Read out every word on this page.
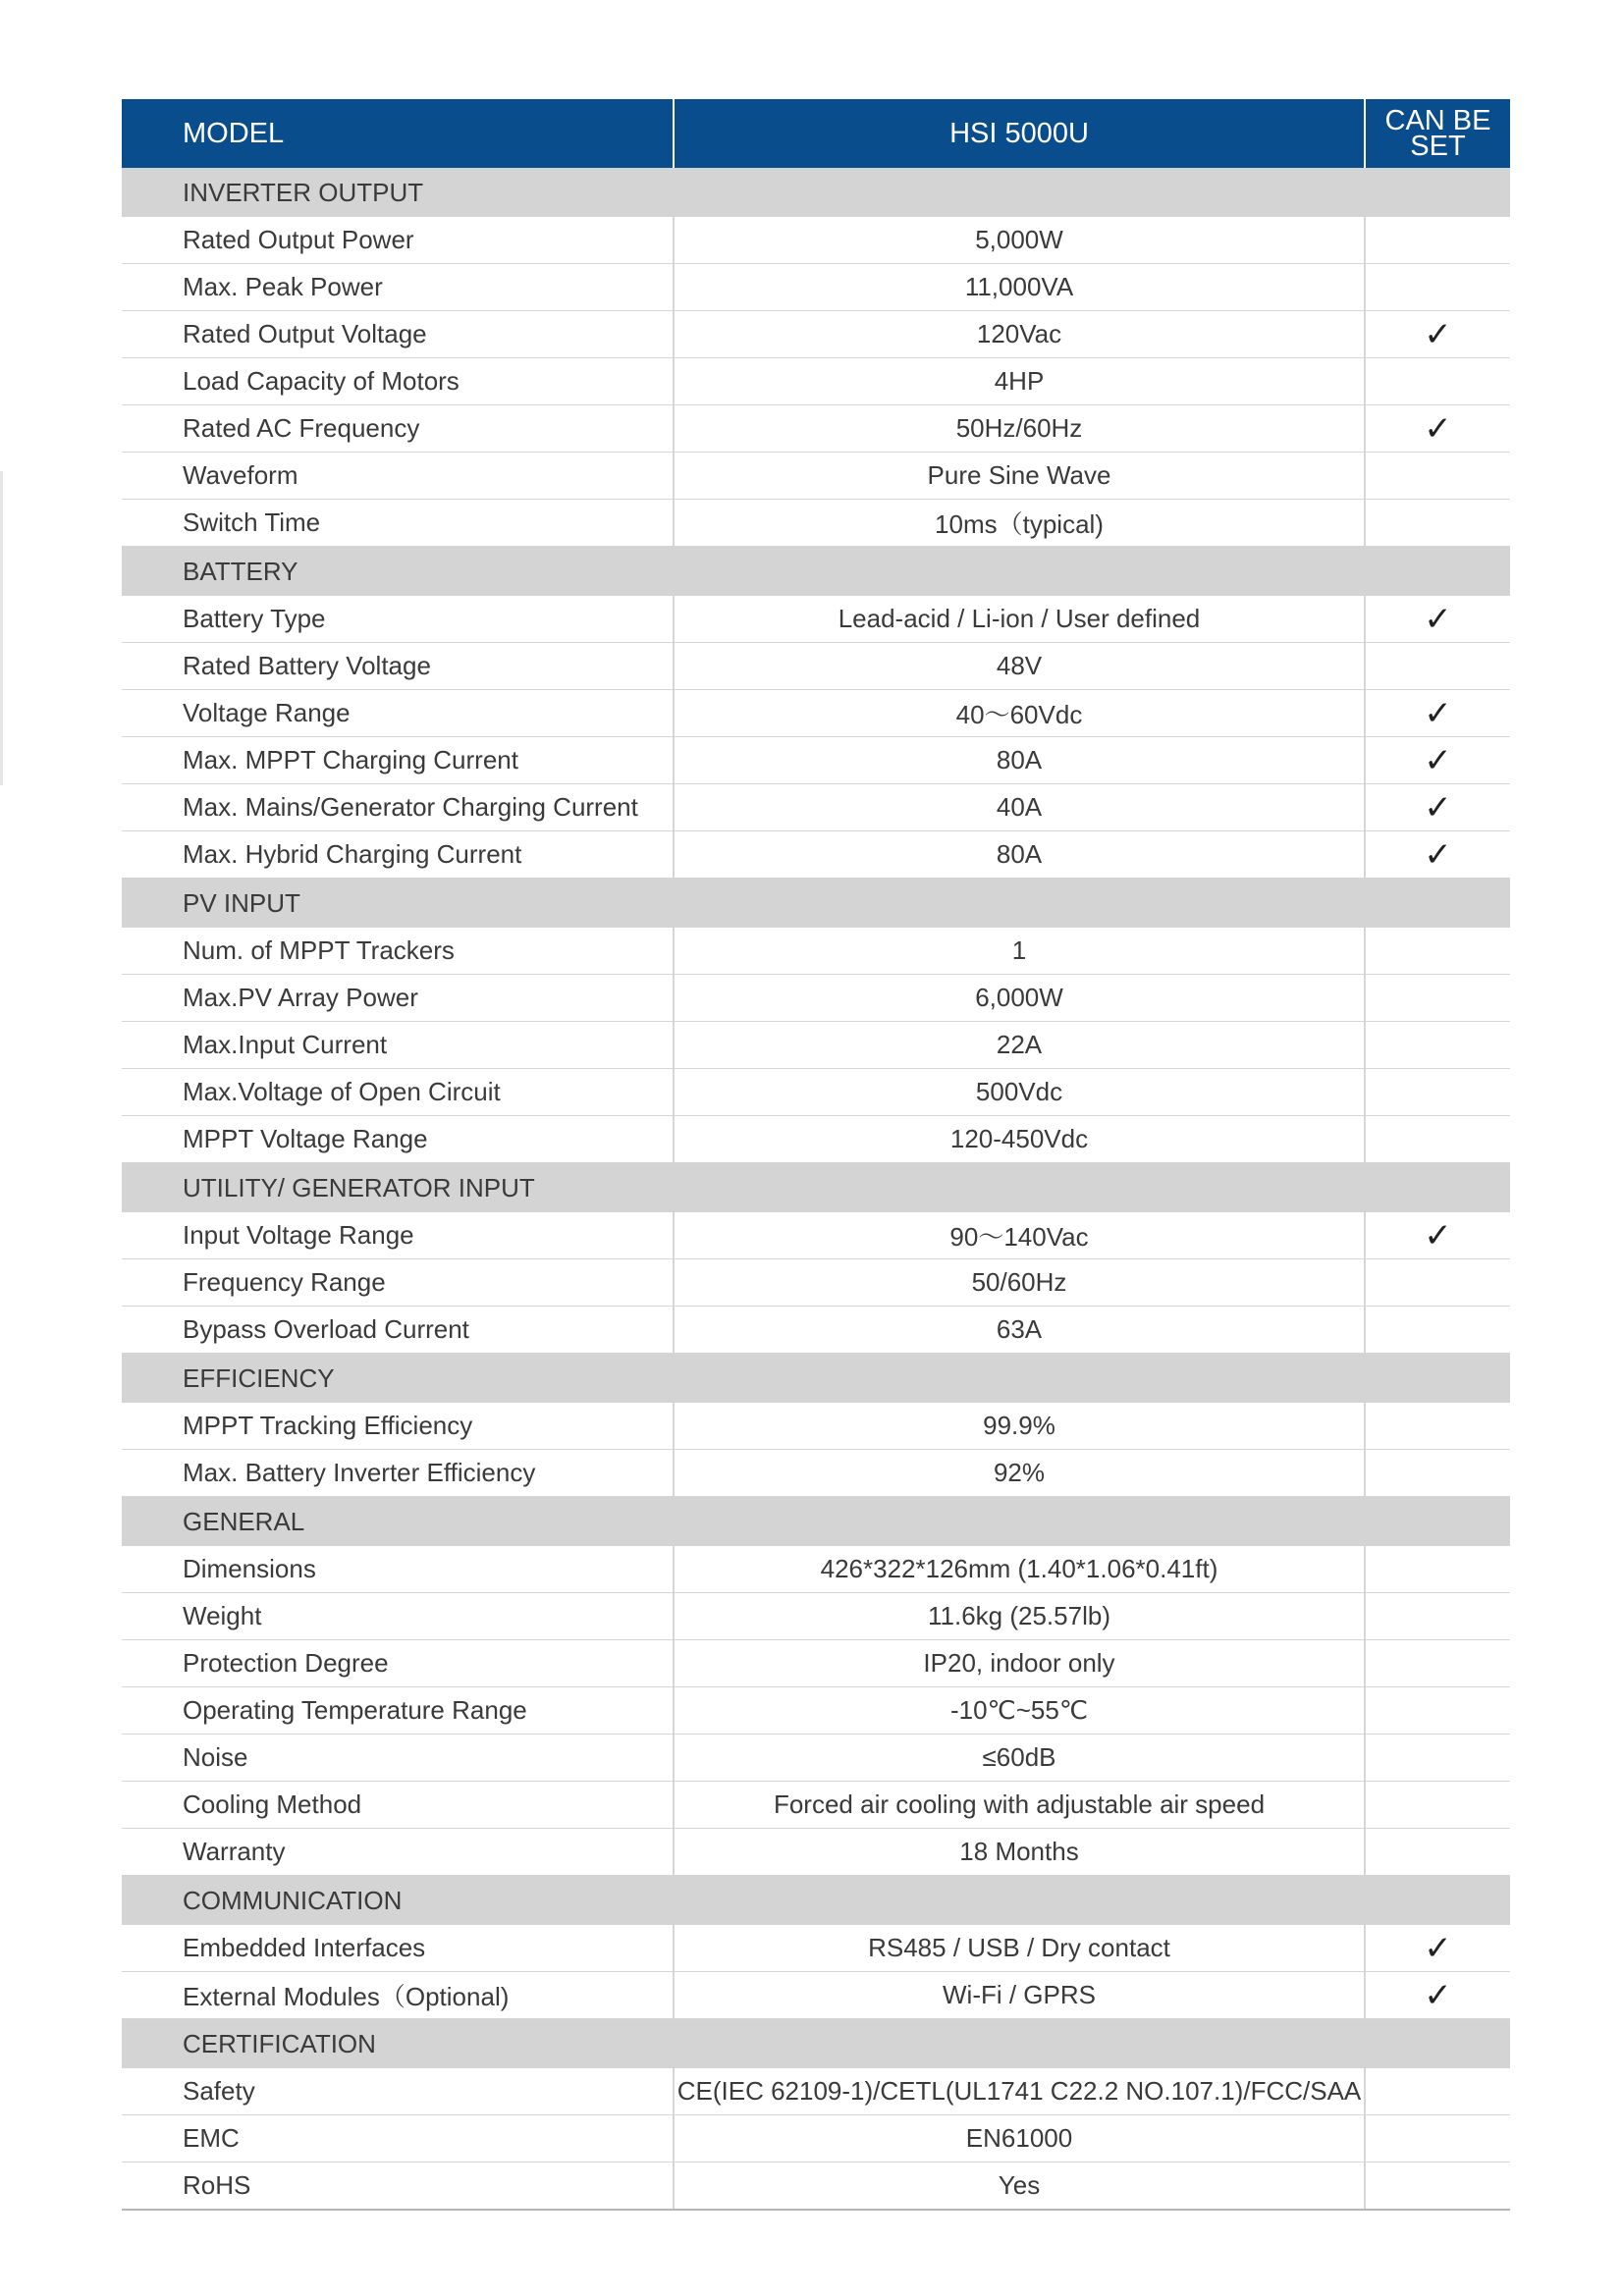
MODEL	HSI 5000U	CAN BE
SET
INVERTER OUTPUT		
Rated Output Power	5,000W	
Max. Peak Power	11,000VA	
Rated Output Voltage	120Vac	✓
Load Capacity of Motors	4HP	
Rated AC Frequency	50Hz/60Hz	✓
Waveform	Pure Sine Wave	
Switch Time	10ms（typical)	
BATTERY		
Battery Type	Lead-acid / Li-ion / User defined	✓
Rated Battery Voltage	48V	
Voltage Range	40～60Vdc	✓
Max. MPPT Charging Current	80A	✓
Max. Mains/Generator Charging Current	40A	✓
Max. Hybrid Charging Current	80A	✓
PV INPUT		
Num. of MPPT Trackers	1	
Max.PV Array Power	6,000W	
Max.Input Current	22A	
Max.Voltage of Open Circuit	500Vdc	
MPPT Voltage Range	120-450Vdc	
UTILITY/ GENERATOR INPUT		
Input Voltage Range	90～140Vac	✓
Frequency Range	50/60Hz	
Bypass Overload Current	63A	
EFFICIENCY		
MPPT Tracking Efficiency	99.9%	
Max. Battery Inverter Efficiency	92%	
GENERAL		
Dimensions	426*322*126mm (1.40*1.06*0.41ft)	
Weight	11.6kg (25.57lb)	
Protection Degree	IP20, indoor only	
Operating Temperature Range	-10℃~55℃	
Noise	≤60dB	
Cooling Method	Forced air cooling with adjustable air speed	
Warranty	18 Months	
COMMUNICATION		
Embedded Interfaces	RS485 / USB / Dry contact	✓
External Modules（Optional)	Wi-Fi / GPRS	✓
CERTIFICATION		
Safety	CE(IEC 62109-1)/CETL(UL1741 C22.2 NO.107.1)/FCC/SAA	
EMC	EN61000	
RoHS	Yes	
